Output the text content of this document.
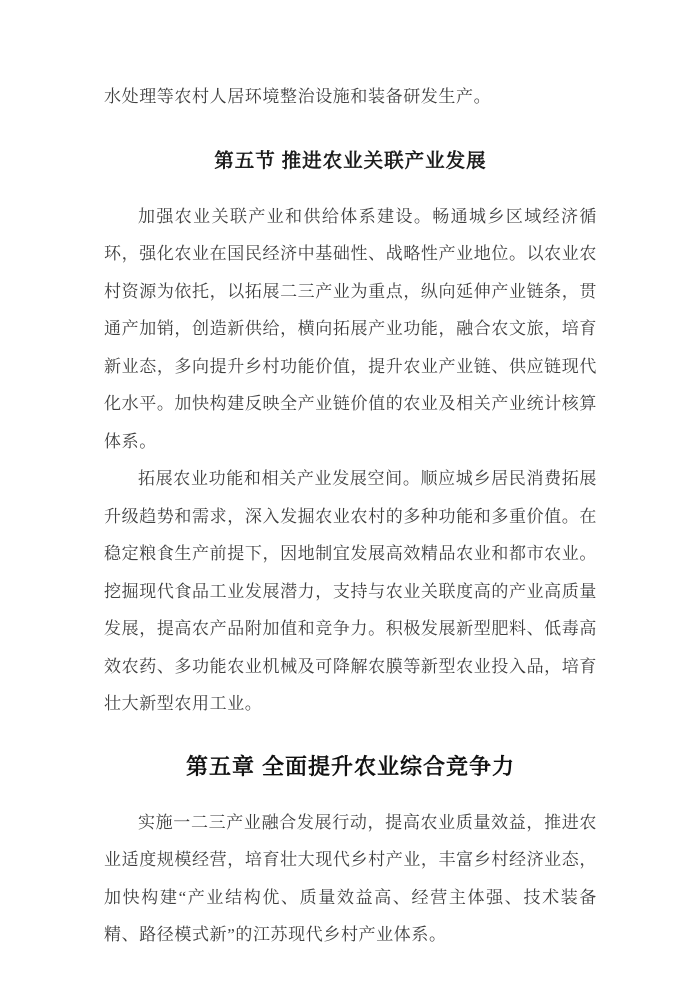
水处理等农村人居环境整治设施和装备研发生产。

第五节 推进农业关联产业发展

加强农业关联产业和供给体系建设。畅通城乡区域经济循环，强化农业在国民经济中基础性、战略性产业地位。以农业农村资源为依托，以拓展二三产业为重点，纵向延伸产业链条，贯通产加销，创造新供给，横向拓展产业功能，融合农文旅，培育新业态，多向提升乡村功能价值，提升农业产业链、供应链现代化水平。加快构建反映全产业链价值的农业及相关产业统计核算体系。

拓展农业功能和相关产业发展空间。顺应城乡居民消费拓展升级趋势和需求，深入发掘农业农村的多种功能和多重价值。在稳定粮食生产前提下，因地制宜发展高效精品农业和都市农业。挖掘现代食品工业发展潜力，支持与农业关联度高的产业高质量发展，提高农产品附加值和竞争力。积极发展新型肥料、低毒高效农药、多功能农业机械及可降解农膜等新型农业投入品，培育壮大新型农用工业。

第五章 全面提升农业综合竞争力

实施一二三产业融合发展行动，提高农业质量效益，推进农业适度规模经营，培育壮大现代乡村产业，丰富乡村经济业态，加快构建“产业结构优、质量效益高、经营主体强、技术装备精、路径模式新”的江苏现代乡村产业体系。
